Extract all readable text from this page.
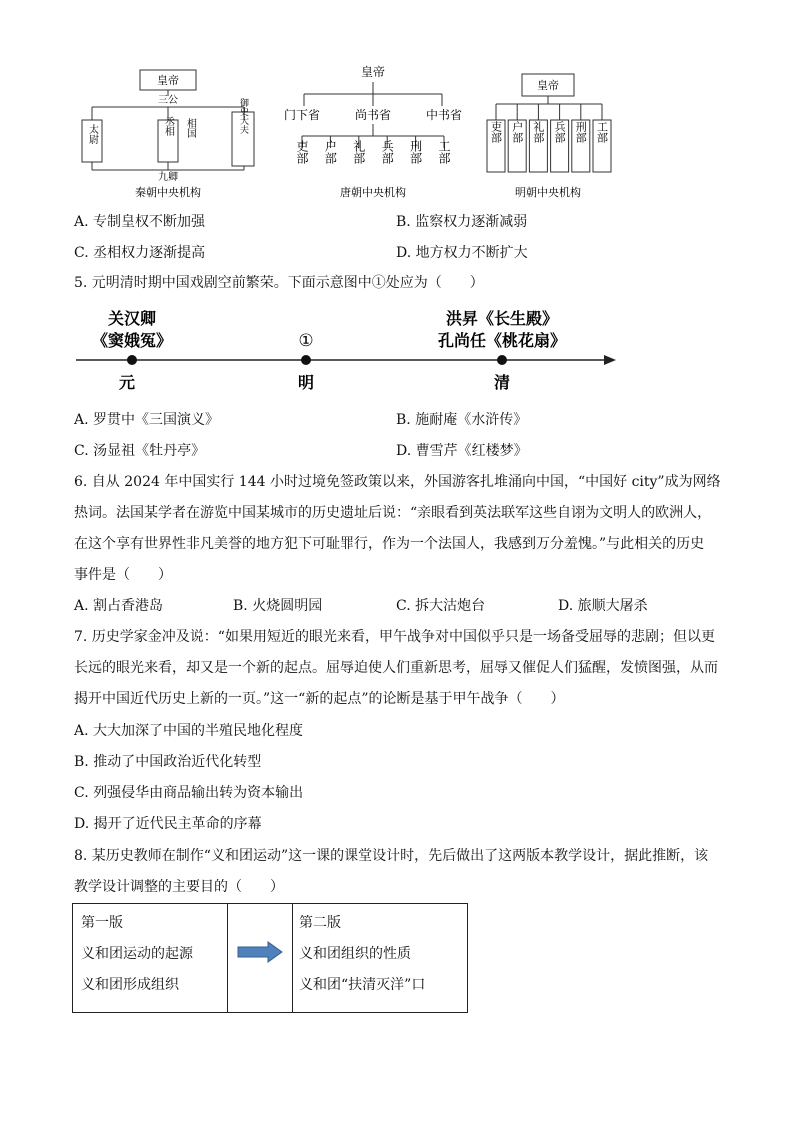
皇帝
三公
太尉	丞相 相国	御史大夫
九卿
秦朝中央机构
皇帝
门下省	尚书省	中书省
吏部 户部 礼部 兵部 刑部 工部
唐朝中央机构
皇帝
吏部 户部 礼部 兵部 刑部 工部
明朝中央机构
A. 专制皇权不断加强	B. 监察权力逐渐减弱
C. 丞相权力逐渐提高	D. 地方权力不断扩大
5. 元明清时期中国戏剧空前繁荣。下面示意图中①处应为（　　）
关汉卿
《窦娥冤》	①
洪昇《长生殿》
孔尚任《桃花扇》
元	明	清
A. 罗贯中《三国演义》	B. 施耐庵《水浒传》
C. 汤显祖《牡丹亭》	D. 曹雪芹《红楼梦》
6. 自从 2024 年中国实行 144 小时过境免签政策以来，外国游客扎堆涌向中国，“中国好 city”成为网络
热词。法国某学者在游览中国某城市的历史遗址后说：“亲眼看到英法联军这些自诩为文明人的欧洲人，
在这个享有世界性非凡美誉的地方犯下可耻罪行，作为一个法国人，我感到万分羞愧。”与此相关的历史
事件是（　　）
A. 割占香港岛	B. 火烧圆明园	C. 拆大沽炮台	D. 旅顺大屠杀
7. 历史学家金冲及说：“如果用短近的眼光来看，甲午战争对中国似乎只是一场备受屈辱的悲剧；但以更
长远的眼光来看，却又是一个新的起点。屈辱迫使人们重新思考，屈辱又催促人们猛醒，发愤图强，从而
揭开中国近代历史上新的一页。”这一“新的起点”的论断是基于甲午战争（　　）
A. 大大加深了中国的半殖民地化程度
B. 推动了中国政治近代化转型
C. 列强侵华由商品输出转为资本输出
D. 揭开了近代民主革命的序幕
8. 某历史教师在制作“义和团运动”这一课的课堂设计时，先后做出了这两版本教学设计，据此推断，该
教学设计调整的主要目的（　　）
第一版
义和团运动的起源
义和团形成组织

第二版
义和团组织的性质
义和团“扶清灭洋”口
